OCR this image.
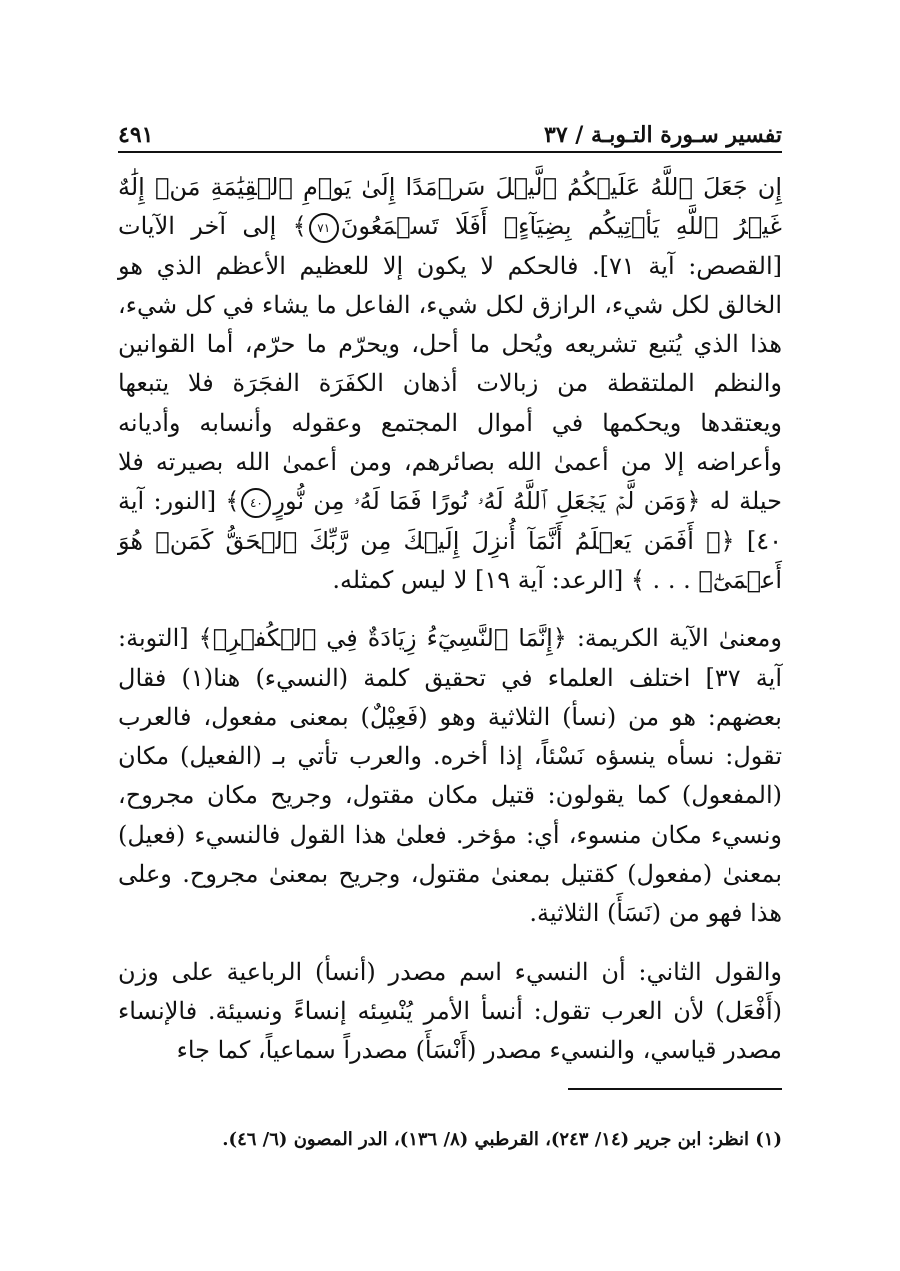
٤٩١	تفسير سـورة التـوبـة / ٣٧

إِن جَعَلَ ٱللَّهُ عَلَيۡكُمُ ٱلَّيۡلَ سَرۡمَدًا إِلَىٰ يَوۡمِ ٱلۡقِيَٰمَةِ مَنۡ إِلَٰهٌ غَيۡرُ ٱللَّهِ يَأۡتِيكُم بِضِيَآءٍۚ أَفَلَا تَسۡمَعُونَ٧١﴾ إلى آخر الآيات [القصص: آية ٧١]. فالحكم لا يكون إلا للعظيم الأعظم الذي هو الخالق لكل شيء، الرازق لكل شيء، الفاعل ما يشاء في كل شيء، هذا الذي يُتبع تشريعه ويُحل ما أحل، ويحرّم ما حرّم، أما القوانين والنظم الملتقطة من زبالات أذهان الكفَرَة الفجَرَة فلا يتبعها ويعتقدها ويحكمها في أموال المجتمع وعقوله وأنسابه وأديانه وأعراضه إلا من أعمىٰ الله بصائرهم، ومن أعمىٰ الله بصيرته فلا حيلة له ﴿وَمَن لَّمۡ يَجۡعَلِ ٱللَّهُ لَهُۥ نُورًا فَمَا لَهُۥ مِن نُّورٍ٤٠﴾ [النور: آية ٤٠] ﴿۞ أَفَمَن يَعۡلَمُ أَنَّمَآ أُنزِلَ إِلَيۡكَ مِن رَّبِّكَ ٱلۡحَقُّ كَمَنۡ هُوَ أَعۡمَىٰٓۚ . . . ﴾ [الرعد: آية ١٩] لا ليس كمثله.

ومعنىٰ الآية الكريمة: ﴿إِنَّمَا ٱلنَّسِيٓءُ زِيَادَةٌ فِي ٱلۡكُفۡرِۖ﴾ [التوبة: آية ٣٧] اختلف العلماء في تحقيق كلمة (النسيء) هنا(١) فقال بعضهم: هو من (نسأ) الثلاثية وهو (فَعِيْلٌ) بمعنى مفعول، فالعرب تقول: نسأه ينسؤه نَسْئاً، إذا أخره. والعرب تأتي بـ (الفعيل) مكان (المفعول) كما يقولون: قتيل مكان مقتول، وجريح مكان مجروح، ونسيء مكان منسوء، أي: مؤخر. فعلىٰ هذا القول فالنسيء (فعيل) بمعنىٰ (مفعول) كقتيل بمعنىٰ مقتول، وجريح بمعنىٰ مجروح. وعلى هذا فهو من (نَسَأَ) الثلاثية.

والقول الثاني: أن النسيء اسم مصدر (أنسأ) الرباعية على وزن (أَفْعَل) لأن العرب تقول: أنسأ الأمر يُنْسِئه إنساءً ونسيئة. فالإنساء مصدر قياسي، والنسيء مصدر (أَنْسَأَ) مصدراً سماعياً، كما جاء

(١) انظر: ابن جرير (١٤/ ٢٤٣)، القرطبي (٨/ ١٣٦)، الدر المصون (٦/ ٤٦).
